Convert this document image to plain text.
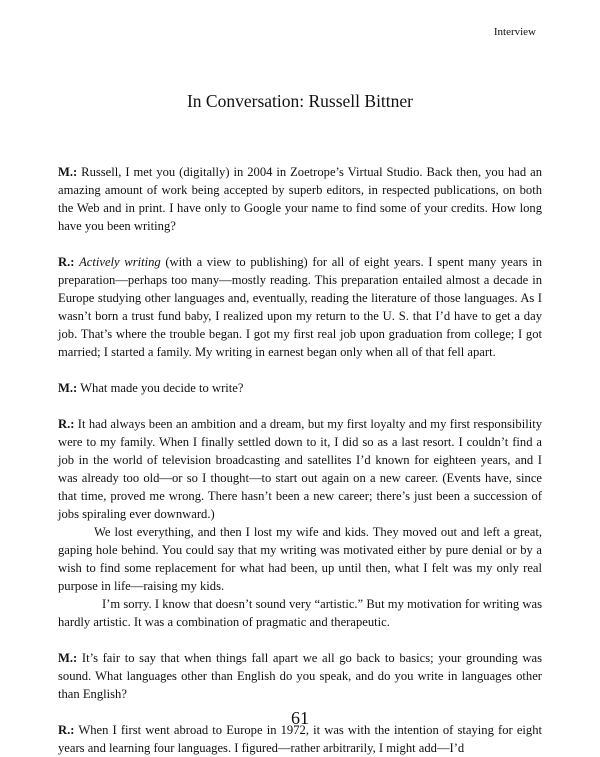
Interview
In Conversation: Russell Bittner

M.: Russell, I met you (digitally) in 2004 in Zoetrope’s Virtual Studio. Back then, you had an amazing amount of work being accepted by superb editors, in respected publications, on both the Web and in print. I have only to Google your name to find some of your credits. How long have you been writing?

R.: Actively writing (with a view to publishing) for all of eight years. I spent many years in preparation—perhaps too many—mostly reading. This preparation entailed almost a decade in Europe studying other languages and, eventually, reading the literature of those languages. As I wasn’t born a trust fund baby, I realized upon my return to the U. S. that I’d have to get a day job. That’s where the trouble began. I got my first real job upon graduation from college; I got married; I started a family. My writing in earnest began only when all of that fell apart.

M.: What made you decide to write?

R.: It had always been an ambition and a dream, but my first loyalty and my first responsibility were to my family. When I finally settled down to it, I did so as a last resort. I couldn’t find a job in the world of television broadcasting and satellites I’d known for eighteen years, and I was already too old—or so I thought—to start out again on a new career. (Events have, since that time, proved me wrong. There hasn’t been a new career; there’s just been a succession of jobs spiraling ever downward.)

We lost everything, and then I lost my wife and kids. They moved out and left a great, gaping hole behind. You could say that my writing was motivated either by pure denial or by a wish to find some replacement for what had been, up until then, what I felt was my only real purpose in life—raising my kids.

I’m sorry. I know that doesn’t sound very “artistic.” But my motivation for writing was hardly artistic. It was a combination of pragmatic and therapeutic.

M.: It’s fair to say that when things fall apart we all go back to basics; your grounding was sound. What languages other than English do you speak, and do you write in languages other than English?

R.: When I first went abroad to Europe in 1972, it was with the intention of staying for eight years and learning four languages. I figured—rather arbitrarily, I might add—I’d

61
